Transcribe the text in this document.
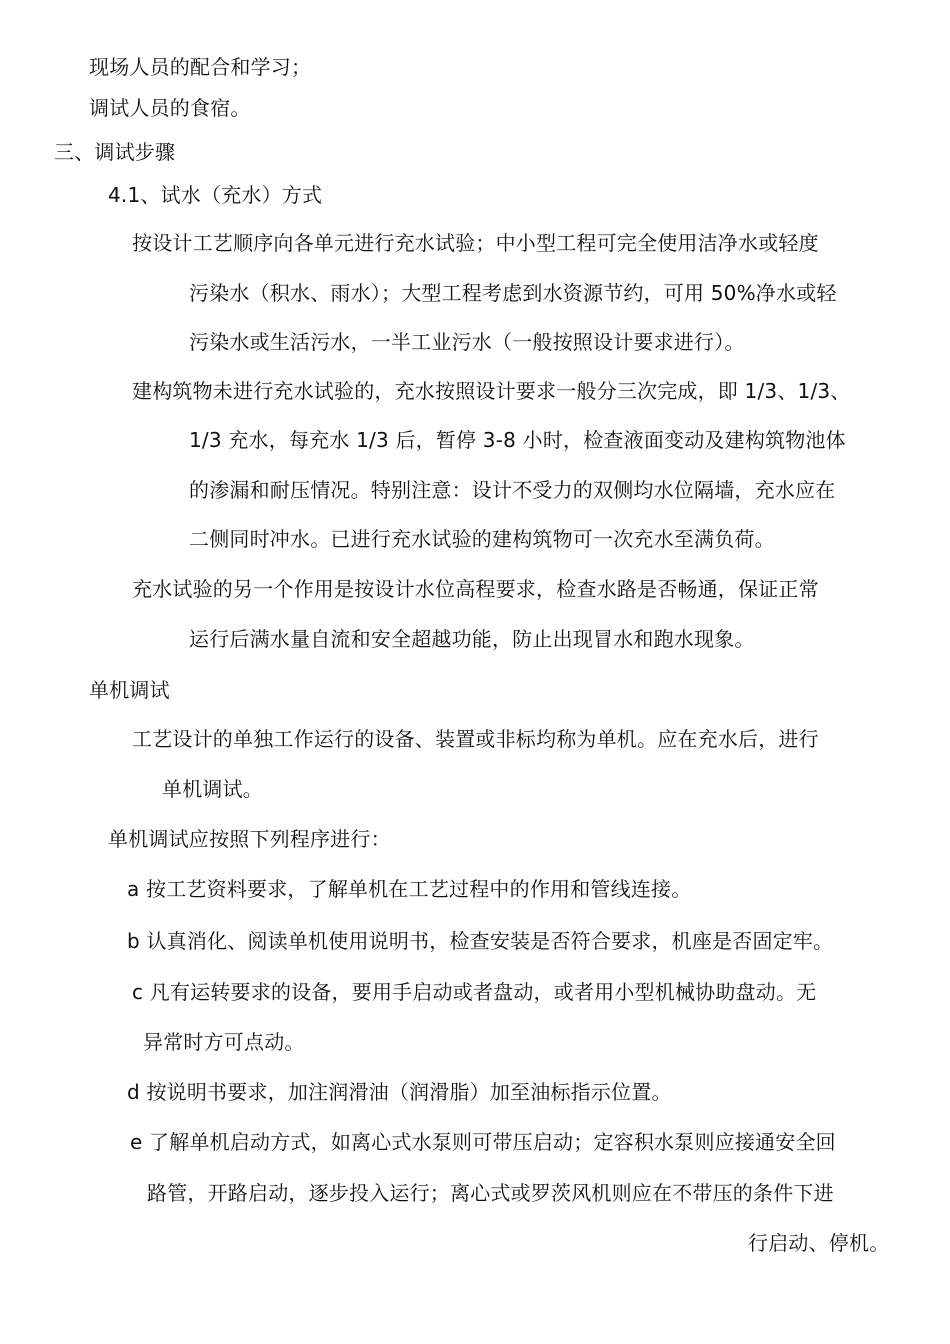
现场人员的配合和学习；
调试人员的食宿。
三、调试步骤
4.1、试水（充水）方式
按设计工艺顺序向各单元进行充水试验；中小型工程可完全使用洁净水或轻度
污染水（积水、雨水）；大型工程考虑到水资源节约，可用 50%净水或轻
污染水或生活污水，一半工业污水（一般按照设计要求进行）。
建构筑物未进行充水试验的，充水按照设计要求一般分三次完成，即 1/3、1/3、
1/3 充水，每充水 1/3 后，暂停 3-8 小时，检查液面变动及建构筑物池体
的渗漏和耐压情况。特别注意：设计不受力的双侧均水位隔墙，充水应在
二侧同时冲水。已进行充水试验的建构筑物可一次充水至满负荷。
充水试验的另一个作用是按设计水位高程要求，检查水路是否畅通，保证正常
运行后满水量自流和安全超越功能，防止出现冒水和跑水现象。
单机调试
工艺设计的单独工作运行的设备、装置或非标均称为单机。应在充水后，进行
单机调试。
单机调试应按照下列程序进行：
a 按工艺资料要求，了解单机在工艺过程中的作用和管线连接。
b 认真消化、阅读单机使用说明书，检查安装是否符合要求，机座是否固定牢。
c 凡有运转要求的设备，要用手启动或者盘动，或者用小型机械协助盘动。无
异常时方可点动。
d 按说明书要求，加注润滑油（润滑脂）加至油标指示位置。
e 了解单机启动方式，如离心式水泵则可带压启动；定容积水泵则应接通安全回
路管，开路启动，逐步投入运行；离心式或罗茨风机则应在不带压的条件下进
行启动、停机。
